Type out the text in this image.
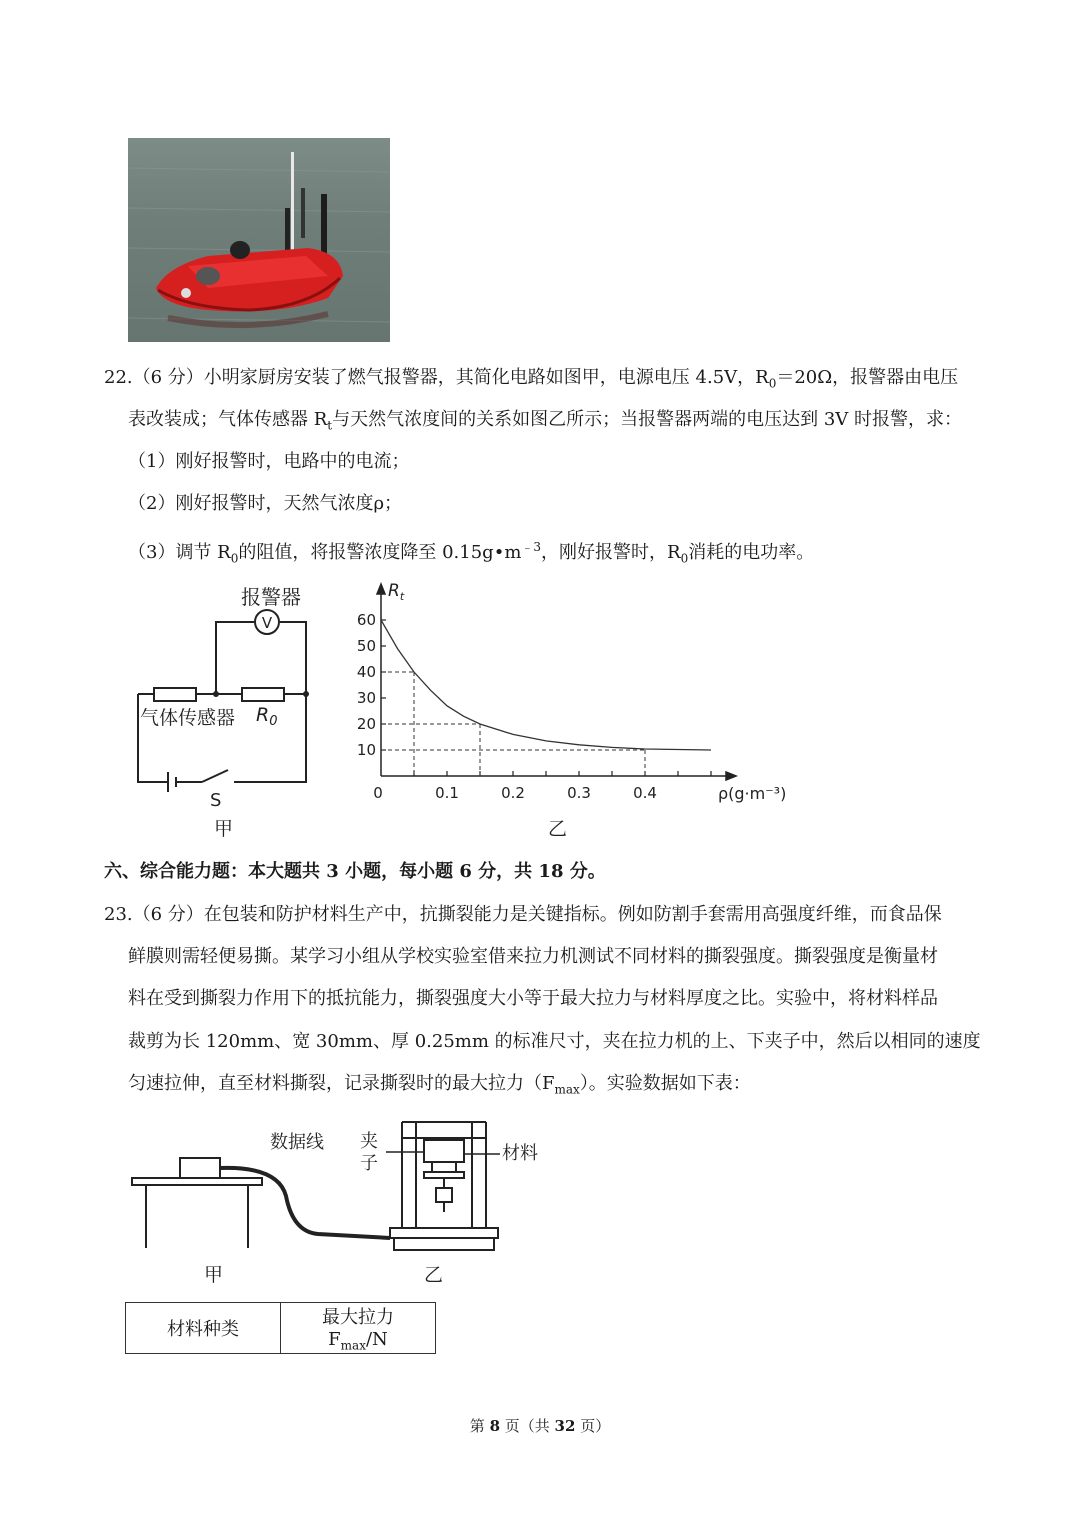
22.（6 分）小明家厨房安装了燃气报警器，其简化电路如图甲，电源电压 4.5V，$R_0=20\Omega$，报警器由电压
表改装成；气体传感器 $R_t$与天然气浓度间的关系如图乙所示；当报警器两端的电压达到 3V 时报警，求：
（1）刚好报警时，电路中的电流；
（2）刚好报警时，天然气浓度ρ；
（3）调节 $R_0$的阻值，将报警浓度降至 $0.15g•m^{﹣3}$，刚好报警时，$R_0$消耗的电功率。
报警器
V
气体传感器 $R_0$
S
甲
0	0.1	0.2	0.3	0.4
10
20
30
40
50
60
$R_t$
ρ(g·m⁻³)
乙
六、综合能力题：本大题共 3 小题，每小题 6 分，共 18 分。
23.（6 分）在包装和防护材料生产中，抗撕裂能力是关键指标。例如防割手套需用高强度纤维，而食品保
鲜膜则需轻便易撕。某学习小组从学校实验室借来拉力机测试不同材料的撕裂强度。撕裂强度是衡量材
料在受到撕裂力作用下的抵抗能力，撕裂强度大小等于最大拉力与材料厚度之比。实验中，将材料样品
裁剪为长 120mm、宽 30mm、厚 0.25mm 的标准尺寸，夹在拉力机的上、下夹子中，然后以相同的速度
匀速拉伸，直至材料撕裂，记录撕裂时的最大拉力$(F_{max})$。实验数据如下表：
数据线 夹
子	材料
甲	乙
材料种类	最大拉力 $F_{max}/N$
第 8 页（共 32 页）
